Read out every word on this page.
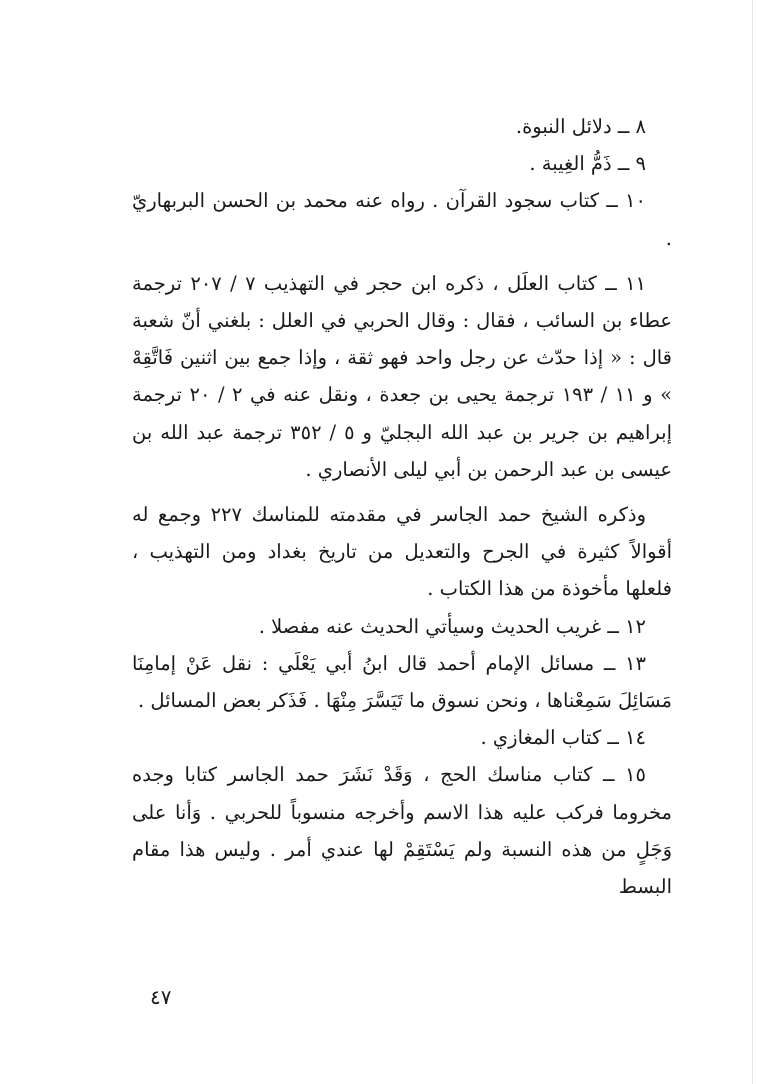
٨ ــ دلائل النبوة.

٩ ــ ذَمُّ الغِيبة .

١٠ ــ كتاب سجود القرآن . رواه عنه محمد بن الحسن البربهاريّ .

١١ ــ كتاب العلَل ، ذكره ابن حجر في التهذيب ٧ / ٢٠٧ ترجمة عطاء بن السائب ، فقال : وقال الحربي في العلل : بلغني أنّ شعبة قال : « إذا حدّث عن رجل واحد فهو ثقة ، وإذا جمع بين اثنين فَاتَّقِهْ » و ١١ / ١٩٣ ترجمة يحيى بن جعدة ، ونقل عنه في ٢ / ٢٠ ترجمة إبراهيم بن جرير بن عبد الله البجليّ و ٥ / ٣٥٢ ترجمة عبد الله بن عيسى بن عبد الرحمن بن أبي ليلى الأنصاري .

وذكره الشيخ حمد الجاسر في مقدمته للمناسك ٢٢٧ وجمع له أقوالاً كثيرة في الجرح والتعديل من تاريخ بغداد ومن التهذيب ، فلعلها مأخوذة من هذا الكتاب .

١٢ ــ غريب الحديث وسيأتي الحديث عنه مفصلا .

١٣ ــ مسائل الإمام أحمد قال ابنُ أبي يَعْلَي : نقل عَنْ إمامِنَا مَسَائِلَ سَمِعْناها ، ونحن نسوق ما تَيَسَّرَ مِنْهَا . فَذَكر بعض المسائل .

١٤ ــ كتاب المغازي .

١٥ ــ كتاب مناسك الحج ، وَقَدْ نَشَرَ حمد الجاسر كتابا وجده مخروما فركب عليه هذا الاسم وأخرجه منسوباً للحربي . وَأنا على وَجَلٍ من هذه النسبة ولم يَسْتَقِمْ لها عندي أمر . وليس هذا مقام البسط

٤٧
